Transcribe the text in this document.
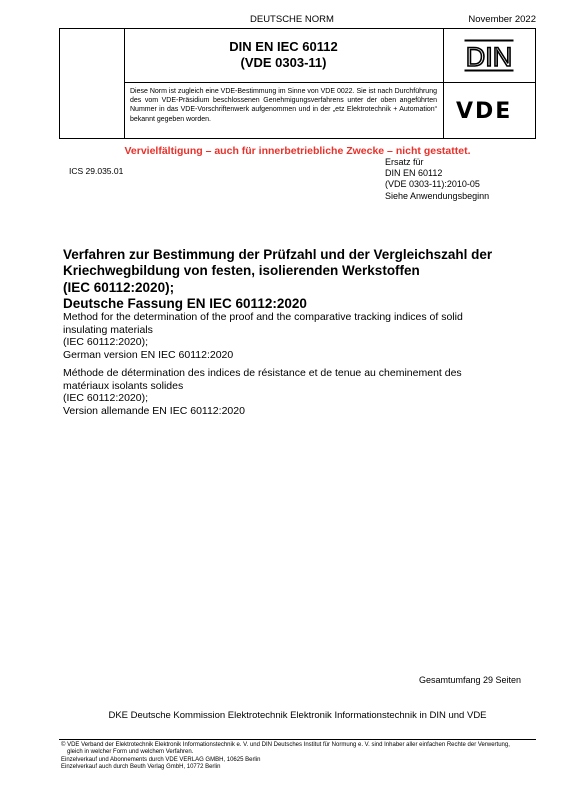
DEUTSCHE NORM	November 2022
DIN EN IEC 60112
(VDE 0303-11)
Diese Norm ist zugleich eine VDE-Bestimmung im Sinne von VDE 0022. Sie ist nach Durchführung des vom VDE-Präsidium beschlossenen Genehmigungsverfahrens unter der oben angeführten Nummer in das VDE-Vorschriftenwerk aufgenommen und in der „etz Elektrotechnik + Automation“ bekannt gegeben worden.
DIN
VDE
Vervielfältigung – auch für innerbetriebliche Zwecke – nicht gestattet.
ICS 29.035.01
Ersatz für
DIN EN 60112
(VDE 0303-11):2010-05
Siehe Anwendungsbeginn
Verfahren zur Bestimmung der Prüfzahl und der Vergleichszahl der
Kriechwegbildung von festen, isolierenden Werkstoffen
(IEC 60112:2020);
Deutsche Fassung EN IEC 60112:2020
Method for the determination of the proof and the comparative tracking indices of solid
insulating materials
(IEC 60112:2020);
German version EN IEC 60112:2020
Méthode de détermination des indices de résistance et de tenue au cheminement des
matériaux isolants solides
(IEC 60112:2020);
Version allemande EN IEC 60112:2020
Gesamtumfang 29 Seiten
DKE Deutsche Kommission Elektrotechnik Elektronik Informationstechnik in DIN und VDE
© VDE Verband der Elektrotechnik Elektronik Informationstechnik e. V. und DIN Deutsches Institut für Normung e. V. sind Inhaber aller einfachen Rechte der Verwertung,
gleich in welcher Form und welchem Verfahren.
Einzelverkauf und Abonnements durch VDE VERLAG GMBH, 10625 Berlin
Einzelverkauf auch durch Beuth Verlag GmbH, 10772 Berlin
